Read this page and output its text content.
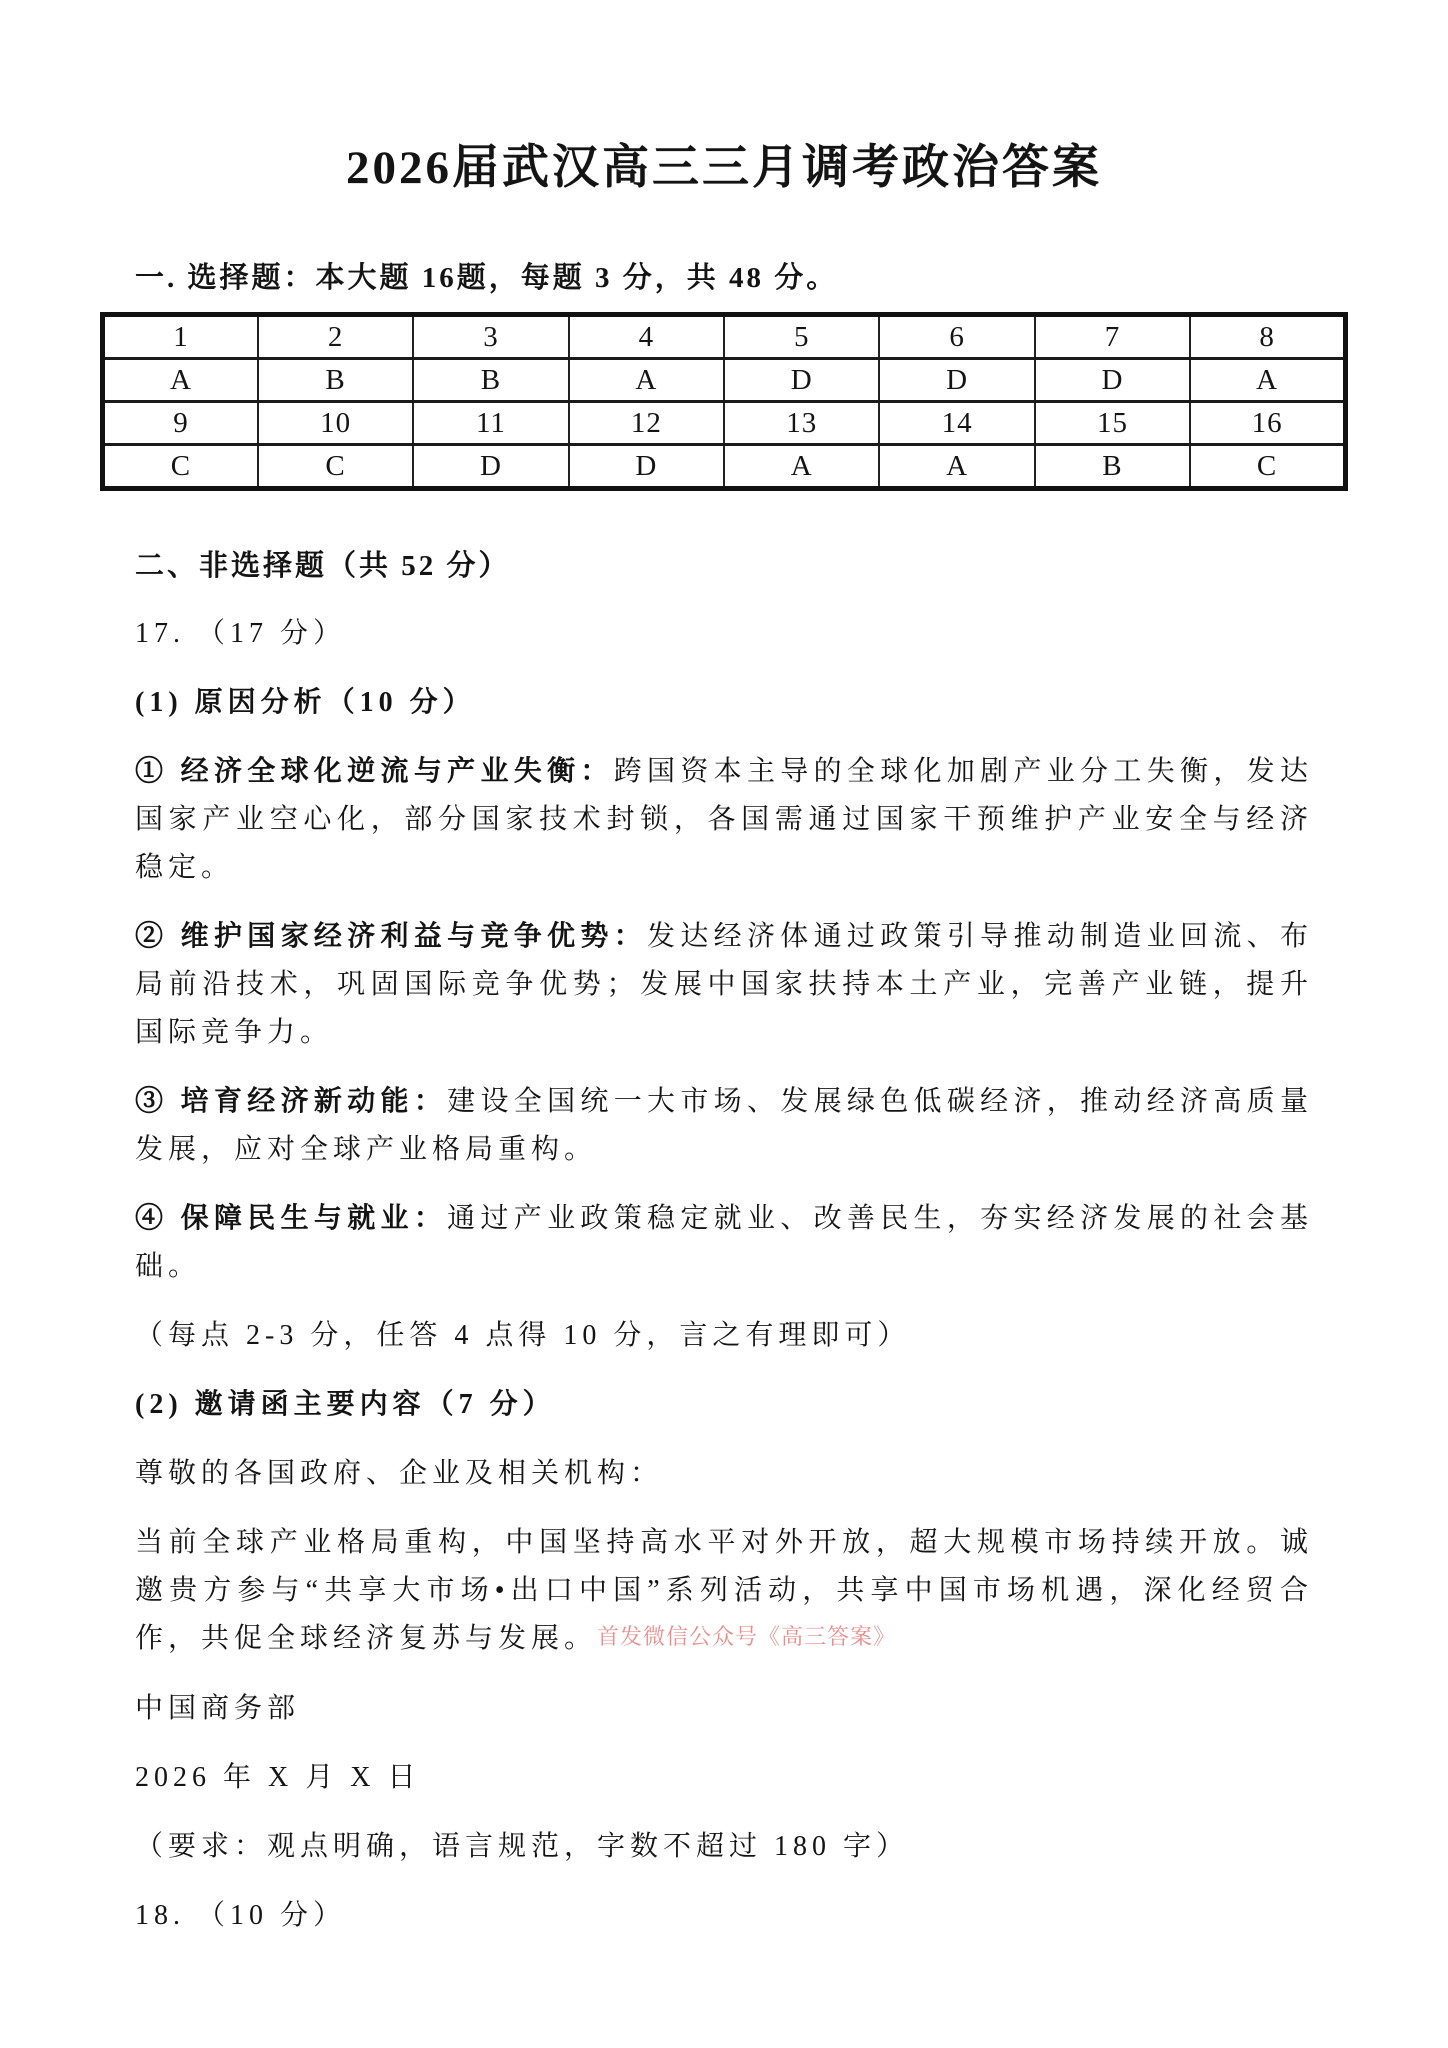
2026届武汉高三三月调考政治答案
一. 选择题：本大题 16题，每题 3 分，共 48 分。
1	2	3	4	5	6	7	8
A	B	B	A	D	D	D	A
9	10	11	12	13	14	15	16
C	C	D	D	A	A	B	C
二、非选择题（共 52 分）

17. （17 分）

(1) 原因分析（10 分）

① 经济全球化逆流与产业失衡：跨国资本主导的全球化加剧产业分工失衡，发达国家产业空心化，部分国家技术封锁，各国需通过国家干预维护产业安全与经济稳定。

② 维护国家经济利益与竞争优势：发达经济体通过政策引导推动制造业回流、布局前沿技术，巩固国际竞争优势；发展中国家扶持本土产业，完善产业链，提升国际竞争力。

③ 培育经济新动能：建设全国统一大市场、发展绿色低碳经济，推动经济高质量发展，应对全球产业格局重构。

④ 保障民生与就业：通过产业政策稳定就业、改善民生，夯实经济发展的社会基础。

（每点 2-3 分，任答 4 点得 10 分，言之有理即可）

(2) 邀请函主要内容（7 分）

尊敬的各国政府、企业及相关机构：

当前全球产业格局重构，中国坚持高水平对外开放，超大规模市场持续开放。诚邀贵方参与“共享大市场•出口中国”系列活动，共享中国市场机遇，深化经贸合作，共促全球经济复苏与发展。首发微信公众号《高三答案》

中国商务部

2026 年 X 月 X 日

（要求：观点明确，语言规范，字数不超过 180 字）

18. （10 分）
